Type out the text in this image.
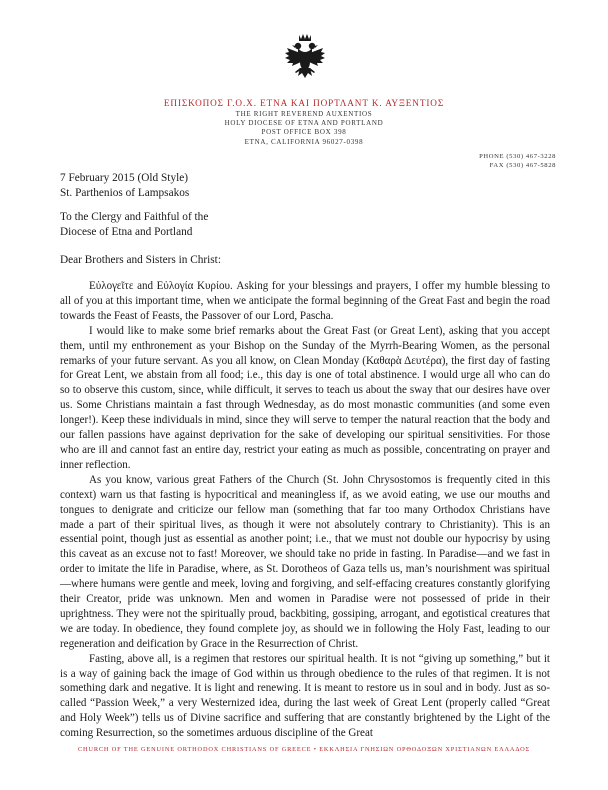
ΕΠΙΣΚΟΠΟΣ Γ.Ο.Χ. ΕΤΝΑ ΚΑΙ ΠΟΡΤΛΑΝΤ Κ. ΑΥΞΕΝΤΙΟΣ
THE RIGHT REVEREND AUXENTIOS
HOLY DIOCESE OF ETNA AND PORTLAND
POST OFFICE BOX 398
ETNA, CALIFORNIA 96027-0398
PHONE (530) 467-3228
FAX (530) 467-5828
7 February 2015 (Old Style)
St. Parthenios of Lampsakos
To the Clergy and Faithful of the
Diocese of Etna and Portland
Dear Brothers and Sisters in Christ:

Εὐλογεῖτε and Εὐλογία Κυρίου. Asking for your blessings and prayers, I offer my humble blessing to all of you at this important time, when we anticipate the formal beginning of the Great Fast and begin the road towards the Feast of Feasts, the Passover of our Lord, Pascha.

I would like to make some brief remarks about the Great Fast (or Great Lent), asking that you accept them, until my enthronement as your Bishop on the Sunday of the Myrrh-Bearing Women, as the personal remarks of your future servant. As you all know, on Clean Monday (Καθαρὰ Δευτέρα), the first day of fasting for Great Lent, we abstain from all food; i.e., this day is one of total abstinence. I would urge all who can do so to observe this custom, since, while difficult, it serves to teach us about the sway that our desires have over us. Some Christians maintain a fast through Wednesday, as do most monastic communities (and some even longer!). Keep these individuals in mind, since they will serve to temper the natural reaction that the body and our fallen passions have against deprivation for the sake of developing our spiritual sensitivities. For those who are ill and cannot fast an entire day, restrict your eating as much as possible, concentrating on prayer and inner reflection.

As you know, various great Fathers of the Church (St. John Chrysostomos is frequently cited in this context) warn us that fasting is hypocritical and meaningless if, as we avoid eating, we use our mouths and tongues to denigrate and criticize our fellow man (something that far too many Orthodox Christians have made a part of their spiritual lives, as though it were not absolutely contrary to Christianity). This is an essential point, though just as essential as another point; i.e., that we must not double our hypocrisy by using this caveat as an excuse not to fast! Moreover, we should take no pride in fasting. In Paradise—and we fast in order to imitate the life in Paradise, where, as St. Dorotheos of Gaza tells us, man’s nourishment was spiritual—where humans were gentle and meek, loving and forgiving, and self-effacing creatures constantly glorifying their Creator, pride was unknown. Men and women in Paradise were not possessed of pride in their uprightness. They were not the spiritually proud, backbiting, gossiping, arrogant, and egotistical creatures that we are today. In obedience, they found complete joy, as should we in following the Holy Fast, leading to our regeneration and deification by Grace in the Resurrection of Christ.

Fasting, above all, is a regimen that restores our spiritual health. It is not “giving up something,” but it is a way of gaining back the image of God within us through obedience to the rules of that regimen. It is not something dark and negative. It is light and renewing. It is meant to restore us in soul and in body. Just as so-called “Passion Week,” a very Westernized idea, during the last week of Great Lent (properly called “Great and Holy Week”) tells us of Divine sacrifice and suffering that are constantly brightened by the Light of the coming Resurrection, so the sometimes arduous discipline of the Great

CHURCH OF THE GENUINE ORTHODOX CHRISTIANS OF GREECE • ΕΚΚΛΗΣΙΑ ΓΝΗΣΙΩΝ ΟΡΘΟΔΟΞΩΝ ΧΡΙΣΤΙΑΝΩΝ ΕΛΛΑΔΟΣ
